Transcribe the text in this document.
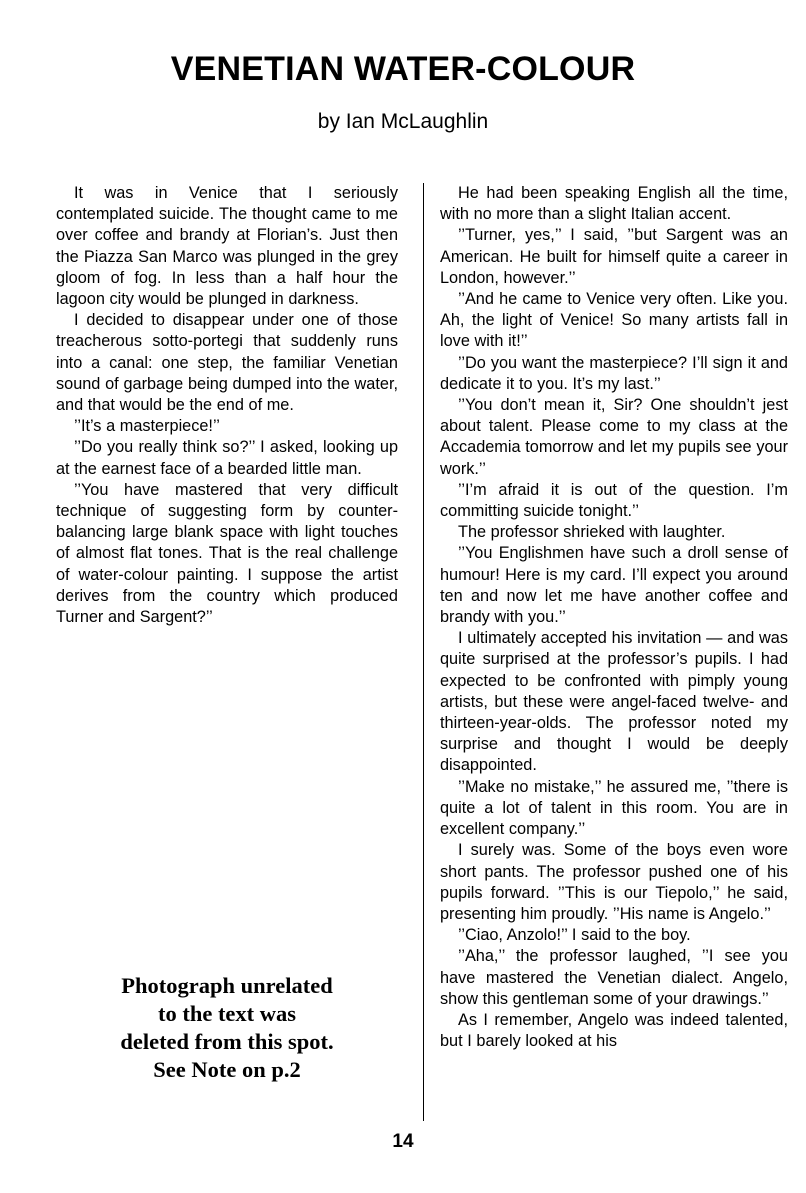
VENETIAN WATER-COLOUR
by Ian McLaughlin

It was in Venice that I seriously contemplated suicide. The thought came to me over coffee and brandy at Florian’s. Just then the Piazza San Marco was plunged in the grey gloom of fog. In less than a half hour the lagoon city would be plunged in darkness.

I decided to disappear under one of those treacherous sotto-portegi that suddenly runs into a canal: one step, the familiar Venetian sound of garbage being dumped into the water, and that would be the end of me.

’’It’s a masterpiece!’’

’’Do you really think so?’’ I asked, looking up at the earnest face of a bearded little man.

’’You have mastered that very difficult technique of suggesting form by counter-balancing large blank space with light touches of almost flat tones. That is the real challenge of water-colour painting. I suppose the artist derives from the country which produced Turner and Sargent?’’

He had been speaking English all the time, with no more than a slight Italian accent.

’’Turner, yes,’’ I said, ’’but Sargent was an American. He built for himself quite a career in London, however.’’

’’And he came to Venice very often. Like you. Ah, the light of Venice! So many artists fall in love with it!’’

’’Do you want the masterpiece? I’ll sign it and dedicate it to you. It’s my last.’’

’’You don’t mean it, Sir? One shouldn’t jest about talent. Please come to my class at the Accademia tomorrow and let my pupils see your work.’’

’’I’m afraid it is out of the question. I’m committing suicide tonight.’’

The professor shrieked with laughter.

’’You Englishmen have such a droll sense of humour! Here is my card. I’ll expect you around ten and now let me have another coffee and brandy with you.’’

I ultimately accepted his invitation — and was quite surprised at the professor’s pupils. I had expected to be confronted with pimply young artists, but these were angel-faced twelve- and thirteen-year-olds. The professor noted my surprise and thought I would be deeply disappointed.

’’Make no mistake,’’ he assured me, ’’there is quite a lot of talent in this room. You are in excellent company.’’

I surely was. Some of the boys even wore short pants. The professor pushed one of his pupils forward. ’’This is our Tiepolo,’’ he said, presenting him proudly. ’’His name is Angelo.’’

’’Ciao, Anzolo!’’ I said to the boy.

’’Aha,’’ the professor laughed, ’’I see you have mastered the Venetian dialect. Angelo, show this gentleman some of your drawings.’’

As I remember, Angelo was indeed talented, but I barely looked at his

Photograph unrelated
to the text was
deleted from this spot.
See Note on p.2
14
